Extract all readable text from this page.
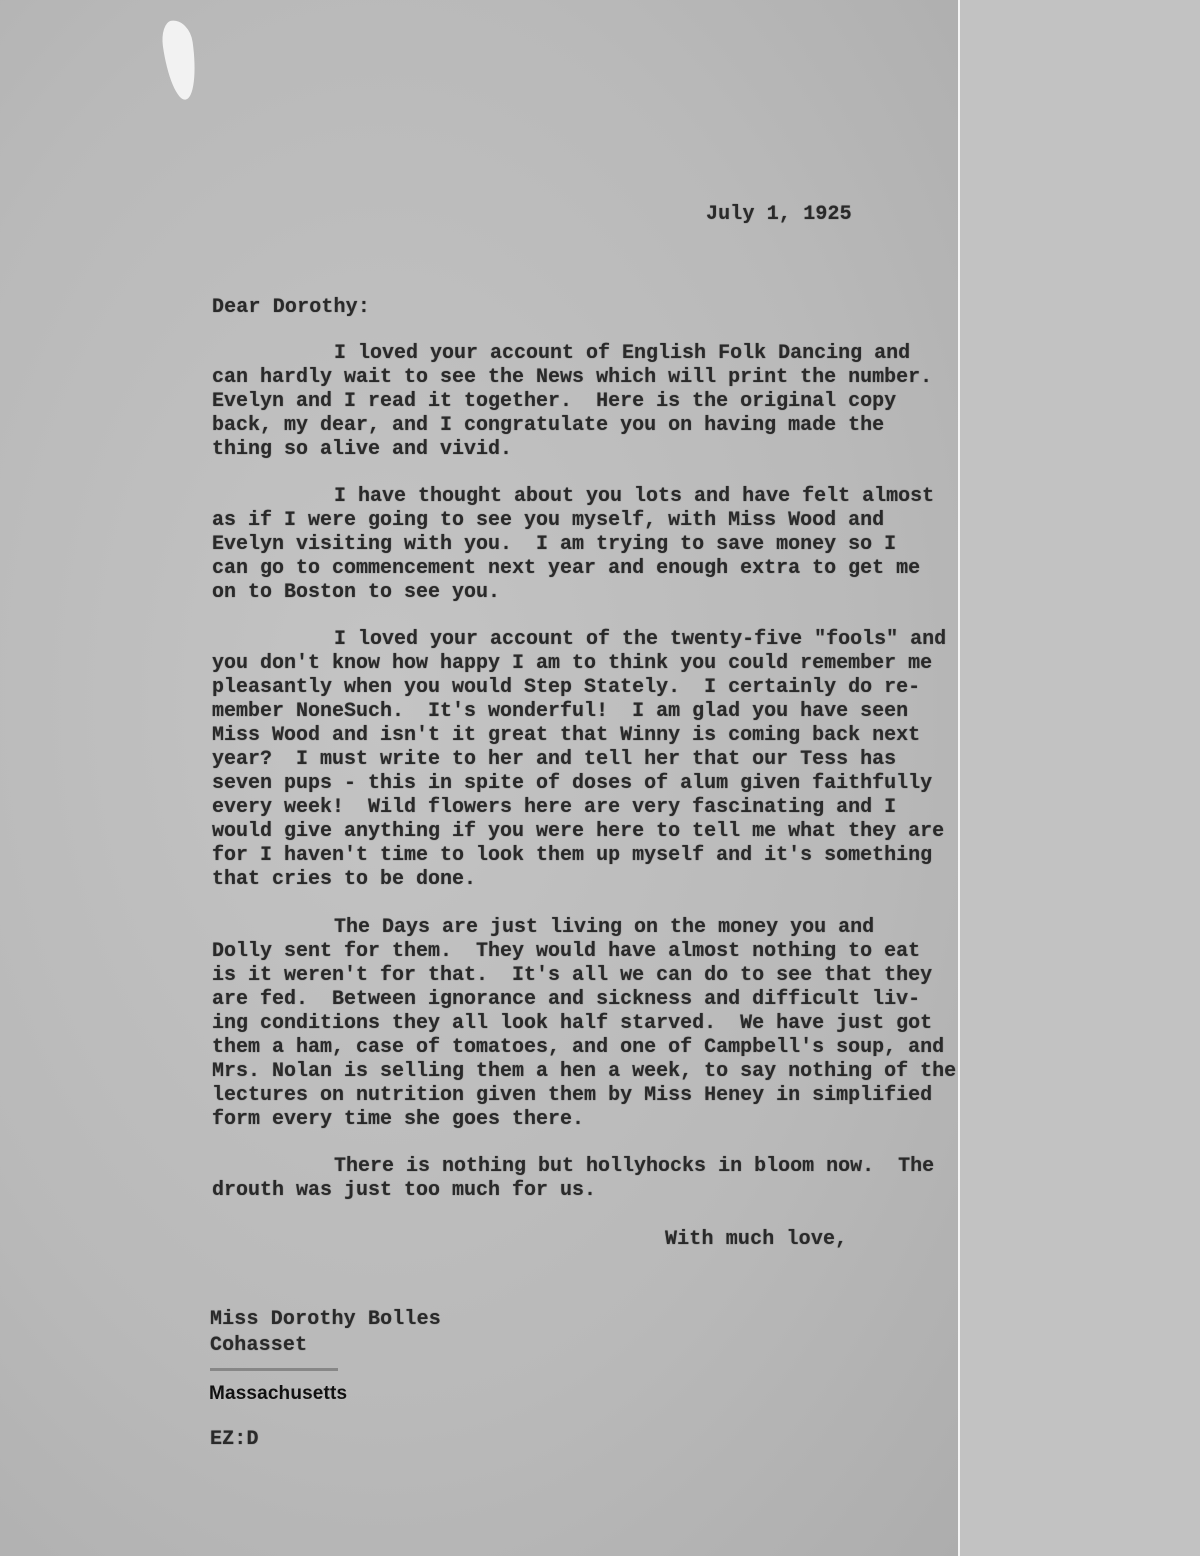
July 1, 1925
Dear Dorothy:
I loved your account of English Folk Dancing and
can hardly wait to see the News which will print the number.
Evelyn and I read it together.  Here is the original copy
back, my dear, and I congratulate you on having made the
thing so alive and vivid.
I have thought about you lots and have felt almost
as if I were going to see you myself, with Miss Wood and
Evelyn visiting with you.  I am trying to save money so I
can go to commencement next year and enough extra to get me
on to Boston to see you.
I loved your account of the twenty-five "fools" and
you don't know how happy I am to think you could remember me
pleasantly when you would Step Stately.  I certainly do re-
member NoneSuch.  It's wonderful!  I am glad you have seen
Miss Wood and isn't it great that Winny is coming back next
year?  I must write to her and tell her that our Tess has
seven pups - this in spite of doses of alum given faithfully
every week!  Wild flowers here are very fascinating and I
would give anything if you were here to tell me what they are
for I haven't time to look them up myself and it's something
that cries to be done.
The Days are just living on the money you and
Dolly sent for them.  They would have almost nothing to eat
is it weren't for that.  It's all we can do to see that they
are fed.  Between ignorance and sickness and difficult liv-
ing conditions they all look half starved.  We have just got
them a ham, case of tomatoes, and one of Campbell's soup, and
Mrs. Nolan is selling them a hen a week, to say nothing of the
lectures on nutrition given them by Miss Heney in simplified
form every time she goes there.
There is nothing but hollyhocks in bloom now.  The
drouth was just too much for us.
With much love,
Miss Dorothy Bolles
Cohasset
Massachusetts
EZ:D
